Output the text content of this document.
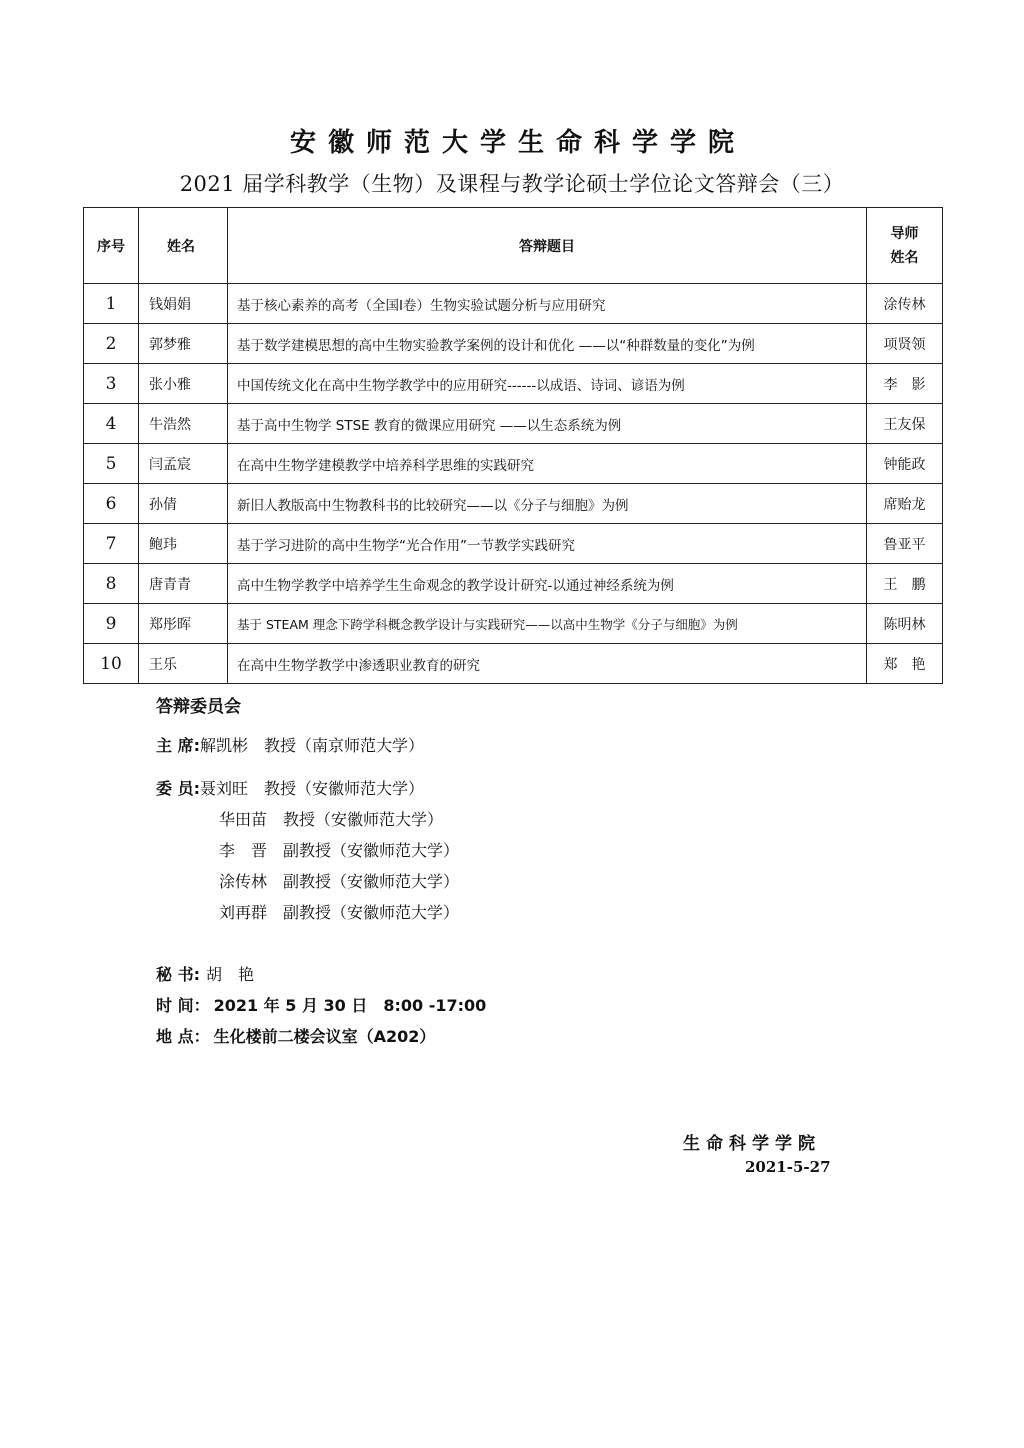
安徽师范大学生命科学学院
2021 届学科教学（生物）及课程与教学论硕士学位论文答辩会（三）
序号	姓名	答辩题目	导师
姓名

1	钱娟娟	基于核心素养的高考（全国Ⅰ卷）生物实验试题分析与应用研究	涂传林
2	郭梦雅	基于数学建模思想的高中生物实验教学案例的设计和优化 ——以“种群数量的变化”为例	项贤领
3	张小雅	中国传统文化在高中生物学教学中的应用研究------以成语、诗词、谚语为例	李　影
4	牛浩然	基于高中生物学 STSE 教育的微课应用研究 ——以生态系统为例	王友保
5	闫孟宸	在高中生物学建模教学中培养科学思维的实践研究	钟能政
6	孙倩	新旧人教版高中生物教科书的比较研究——以《分子与细胞》为例	席贻龙
7	鲍玮	基于学习进阶的高中生物学“光合作用”一节教学实践研究	鲁亚平
8	唐青青	高中生物学教学中培养学生生命观念的教学设计研究-以通过神经系统为例	王　鹏
9	郑彤晖	基于 STEAM 理念下跨学科概念教学设计与实践研究——以高中生物学《分子与细胞》为例	陈明林
10	王乐	在高中生物学教学中渗透职业教育的研究	郑　艳
答辩委员会
主 席:解凯彬　教授（南京师范大学）
委 员:聂刘旺　教授（安徽师范大学）
华田苗　教授（安徽师范大学）
李　晋　副教授（安徽师范大学）
涂传林　副教授（安徽师范大学）
刘再群　副教授（安徽师范大学）
秘 书: 胡　艳
时 间： 2021 年 5 月 30 日　8:00 -17:00
地 点： 生化楼前二楼会议室（A202）
生命科学学院
2021-5-27
